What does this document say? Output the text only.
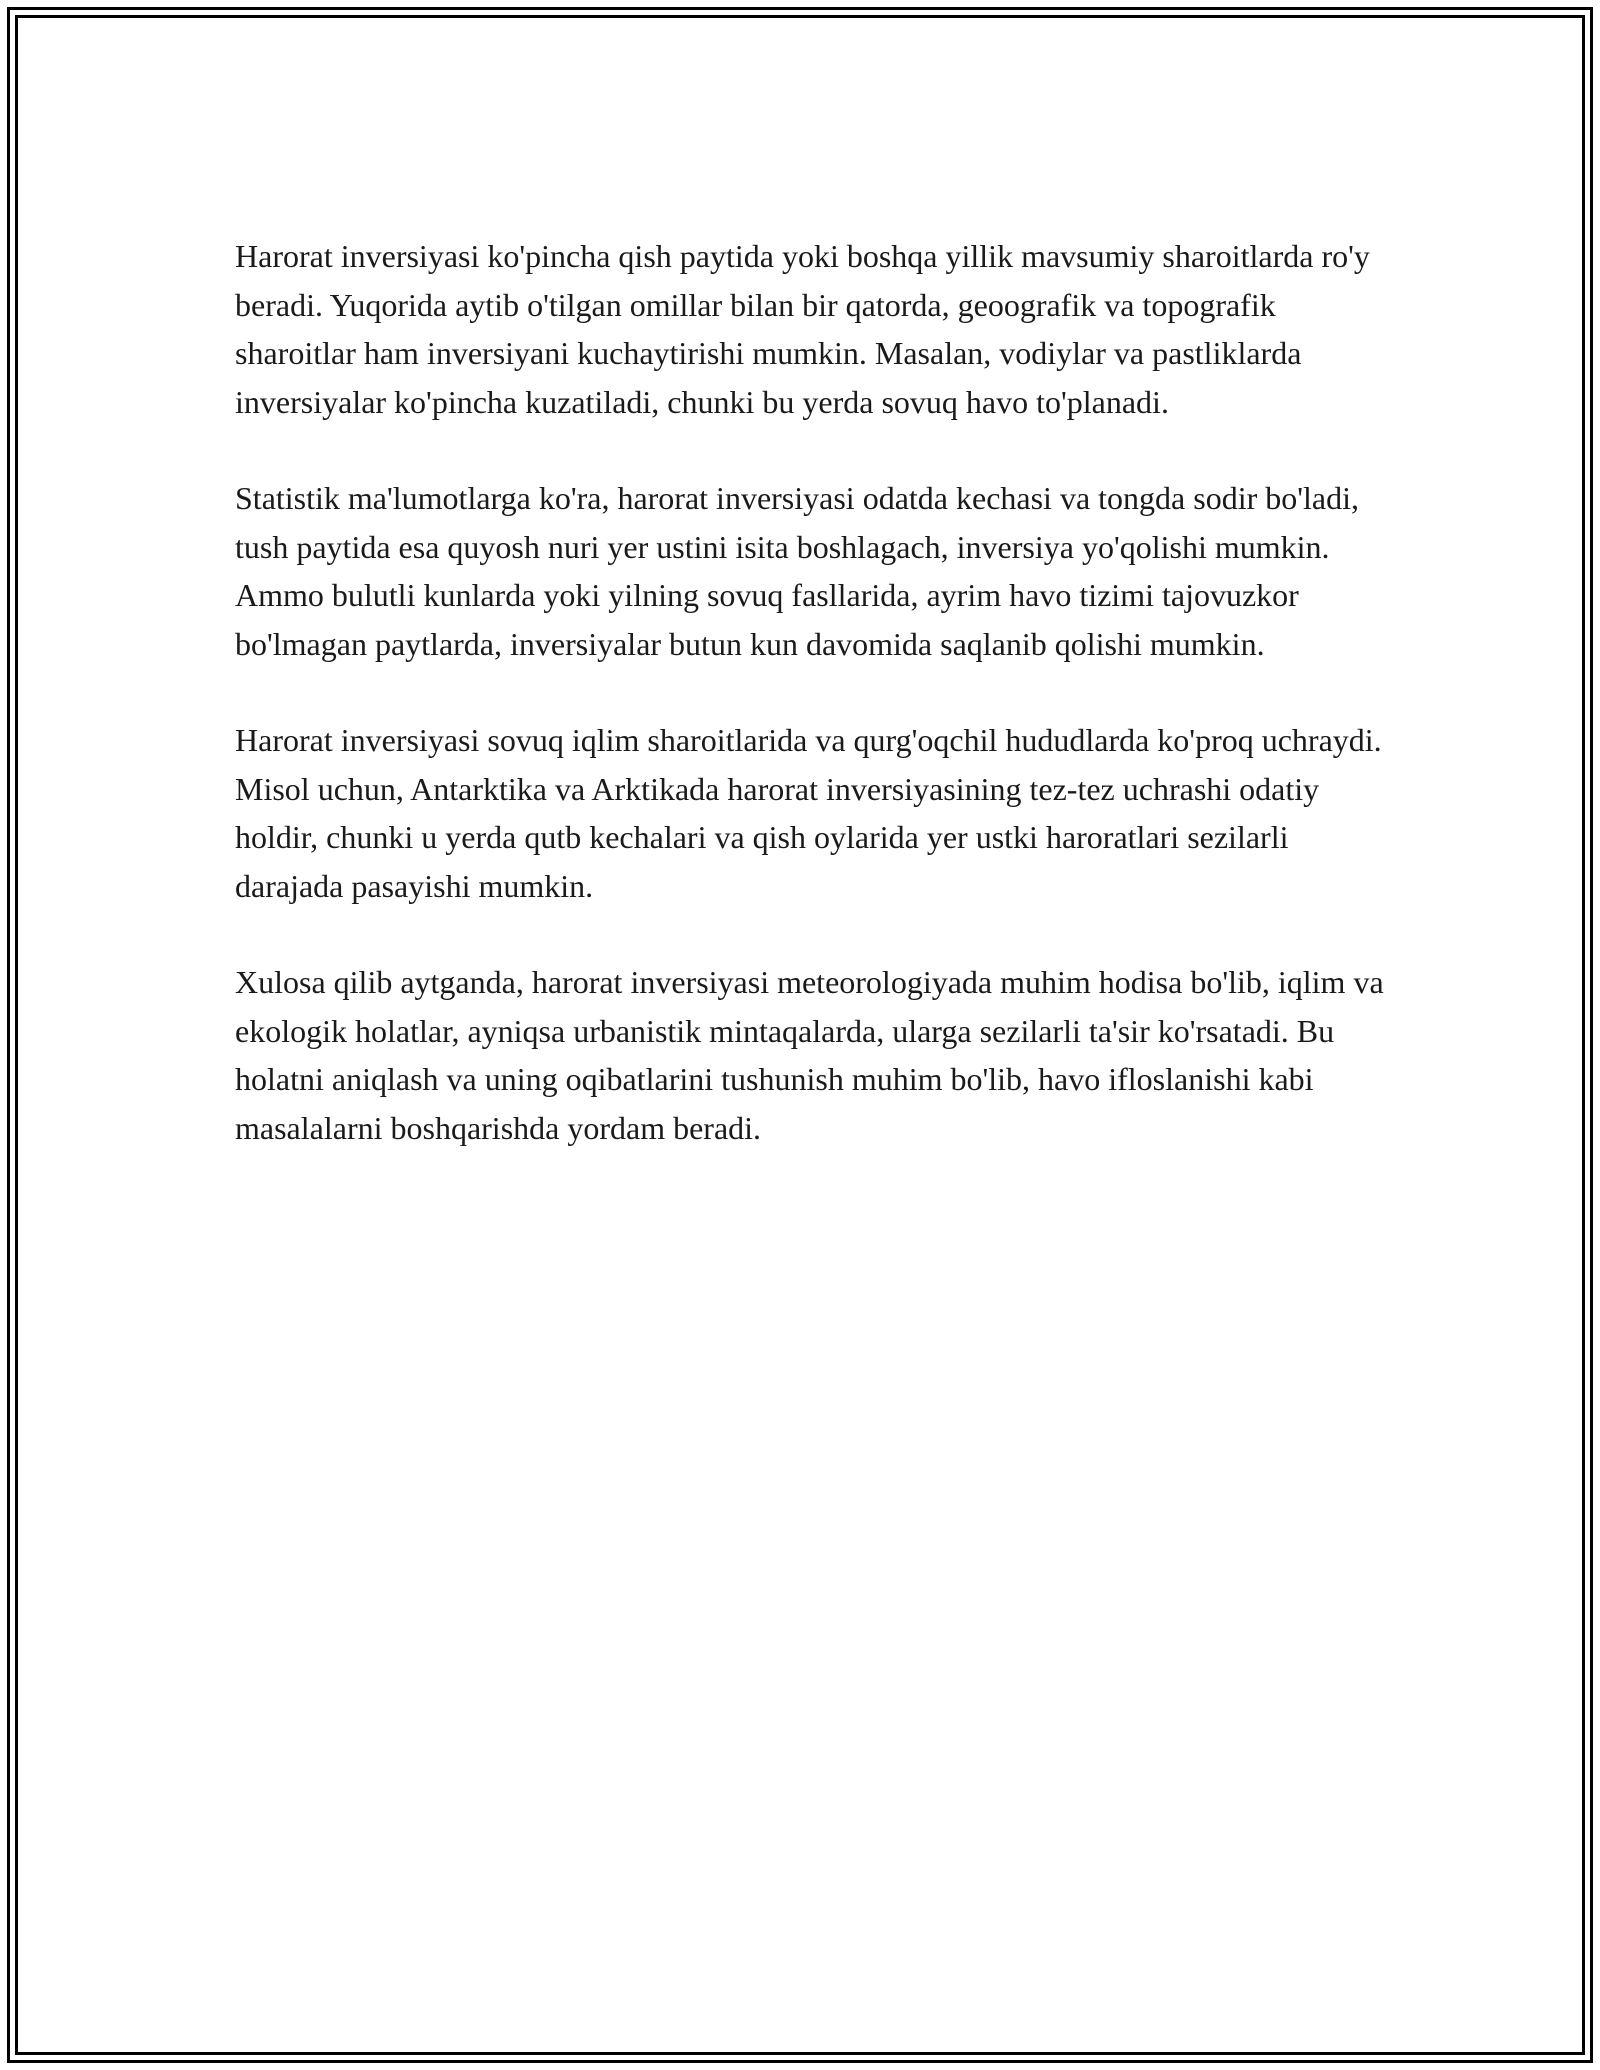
Harorat inversiyasi ko'pincha qish paytida yoki boshqa yillik mavsumiy sharoitlarda ro'y beradi. Yuqorida aytib o'tilgan omillar bilan bir qatorda, geoografik va topografik sharoitlar ham inversiyani kuchaytirishi mumkin. Masalan, vodiylar va pastliklarda inversiyalar ko'pincha kuzatiladi, chunki bu yerda sovuq havo to'planadi.

Statistik ma'lumotlarga ko'ra, harorat inversiyasi odatda kechasi va tongda sodir bo'ladi, tush paytida esa quyosh nuri yer ustini isita boshlagach, inversiya yo'qolishi mumkin. Ammo bulutli kunlarda yoki yilning sovuq fasllarida, ayrim havo tizimi tajovuzkor bo'lmagan paytlarda, inversiyalar butun kun davomida saqlanib qolishi mumkin.

Harorat inversiyasi sovuq iqlim sharoitlarida va qurg'oqchil hududlarda ko'proq uchraydi. Misol uchun, Antarktika va Arktikada harorat inversiyasining tez-tez uchrashi odatiy holdir, chunki u yerda qutb kechalari va qish oylarida yer ustki haroratlari sezilarli darajada pasayishi mumkin.

Xulosa qilib aytganda, harorat inversiyasi meteorologiyada muhim hodisa bo'lib, iqlim va ekologik holatlar, ayniqsa urbanistik mintaqalarda, ularga sezilarli ta'sir ko'rsatadi. Bu holatni aniqlash va uning oqibatlarini tushunish muhim bo'lib, havo ifloslanishi kabi masalalarni boshqarishda yordam beradi.
